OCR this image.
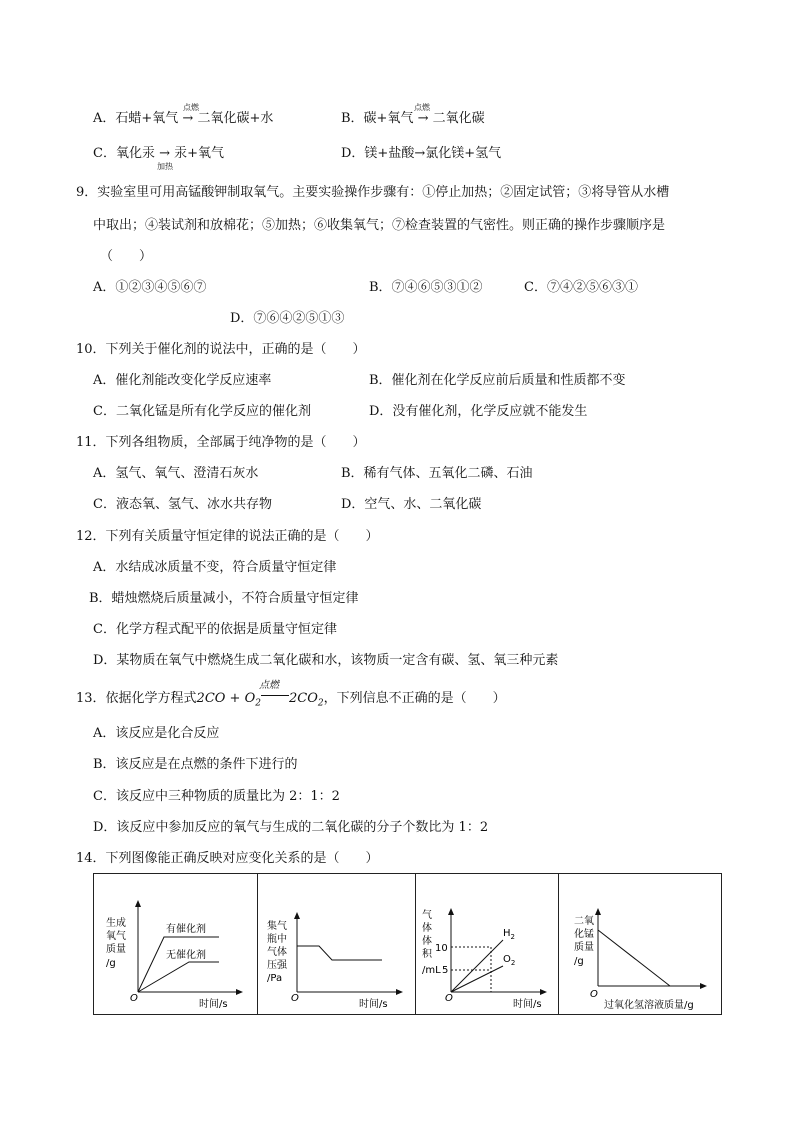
点燃
A．石蜡+氧气 → 二氧化碳+水
点燃
B．碳+氧气 → 二氧化碳
C．氧化汞 → 汞+氧气
加热
D．镁+盐酸→氯化镁+氢气
9．实验室里可用高锰酸钾制取氧气。主要实验操作步骤有：①停止加热；②固定试管；③将导管从水槽
中取出；④装试剂和放棉花；⑤加热；⑥收集氧气；⑦检查装置的气密性。则正确的操作步骤顺序是
（　　）
A．①②③④⑤⑥⑦	B．⑦④⑥⑤③①②	C．⑦④②⑤⑥③①
D．⑦⑥④②⑤①③
10．下列关于催化剂的说法中，正确的是（　　）
A．催化剂能改变化学反应速率	B．催化剂在化学反应前后质量和性质都不变
C．二氧化锰是所有化学反应的催化剂	D．没有催化剂，化学反应就不能发生
11．下列各组物质，全部属于纯净物的是（　　）
A．氢气、氧气、澄清石灰水	B．稀有气体、五氧化二磷、石油
C．液态氧、氢气、冰水共存物	D．空气、水、二氧化碳
12．下列有关质量守恒定律的说法正确的是（　　）
A．水结成冰质量不变，符合质量守恒定律
B．蜡烛燃烧后质量减小，不符合质量守恒定律
C．化学方程式配平的依据是质量守恒定律
D．某物质在氧气中燃烧生成二氧化碳和水，该物质一定含有碳、氢、氧三种元素
13．依据化学方程式$2CO + O_2$ $2CO_2$，下列信息不正确的是（　　）
点燃
A．该反应是化合反应
B．该反应是在点燃的条件下进行的
C．该反应中三种物质的质量比为 2：1：2
D．该反应中参加反应的氧气与生成的二氧化碳的分子个数比为 1：2
14．下列图像能正确反映对应变化关系的是（　　）
生成
氧气
质量
/g
有催化剂
无催化剂
O
时间/s
集气
瓶中
气体
压强
/Pa
O
时间/s
气
体
体
积
/mL
10
5
$H_2$
$O_2$
O
时间/s
二氧
化锰
质量
/g
O
过氧化氢溶液质量/g
